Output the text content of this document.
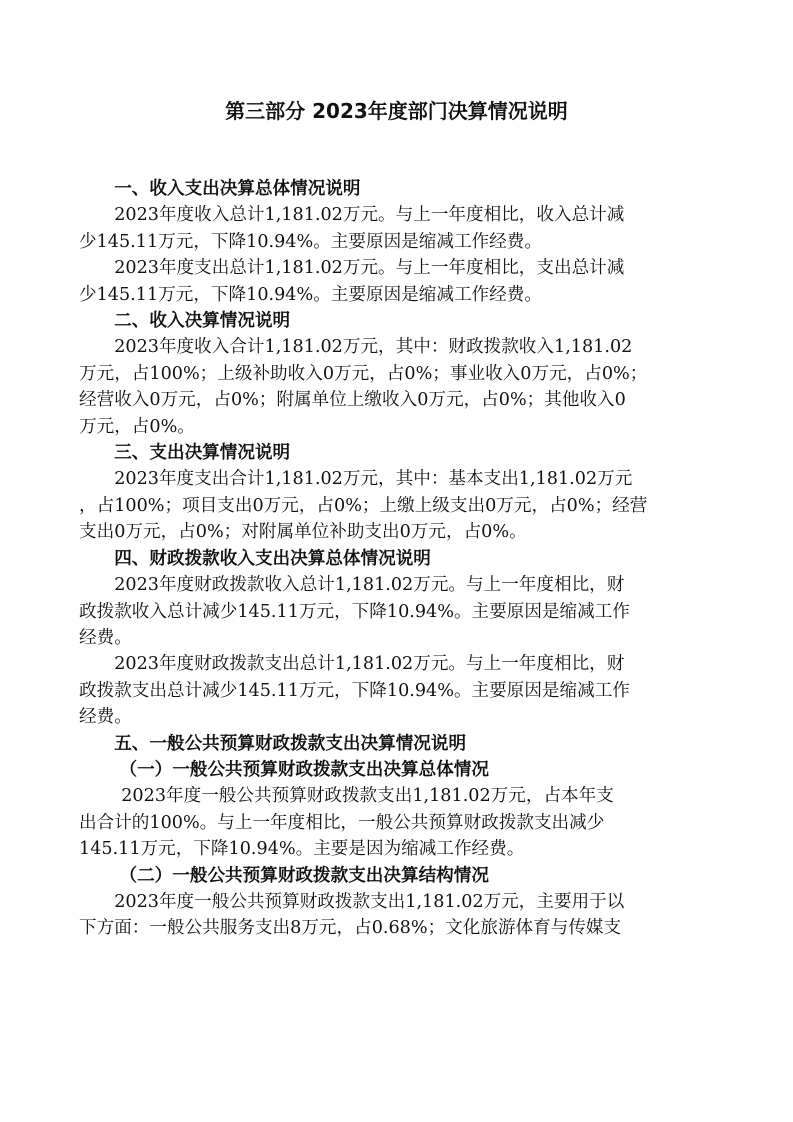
第三部分 2023年度部门决算情况说明

一、收入支出决算总体情况说明

2023年度收入总计1,181.02万元。与上一年度相比，收入总计减
少145.11万元，下降10.94%。主要原因是缩减工作经费。

2023年度支出总计1,181.02万元。与上一年度相比，支出总计减
少145.11万元，下降10.94%。主要原因是缩减工作经费。

二、收入决算情况说明

2023年度收入合计1,181.02万元，其中：财政拨款收入1,181.02
万元，占100%；上级补助收入0万元，占0%；事业收入0万元，占0%；
经营收入0万元，占0%；附属单位上缴收入0万元，占0%；其他收入0
万元，占0%。

三、支出决算情况说明

2023年度支出合计1,181.02万元，其中：基本支出1,181.02万元
，占100%；项目支出0万元，占0%；上缴上级支出0万元，占0%；经营
支出0万元，占0%；对附属单位补助支出0万元，占0%。

四、财政拨款收入支出决算总体情况说明

2023年度财政拨款收入总计1,181.02万元。与上一年度相比，财
政拨款收入总计减少145.11万元，下降10.94%。主要原因是缩减工作
经费。

2023年度财政拨款支出总计1,181.02万元。与上一年度相比，财
政拨款支出总计减少145.11万元，下降10.94%。主要原因是缩减工作
经费。

五、一般公共预算财政拨款支出决算情况说明

（一）一般公共预算财政拨款支出决算总体情况

2023年度一般公共预算财政拨款支出1,181.02万元，占本年支
出合计的100%。与上一年度相比，一般公共预算财政拨款支出减少
145.11万元，下降10.94%。主要是因为缩减工作经费。

（二）一般公共预算财政拨款支出决算结构情况

2023年度一般公共预算财政拨款支出1,181.02万元，主要用于以
下方面：一般公共服务支出8万元，占0.68%；文化旅游体育与传媒支
